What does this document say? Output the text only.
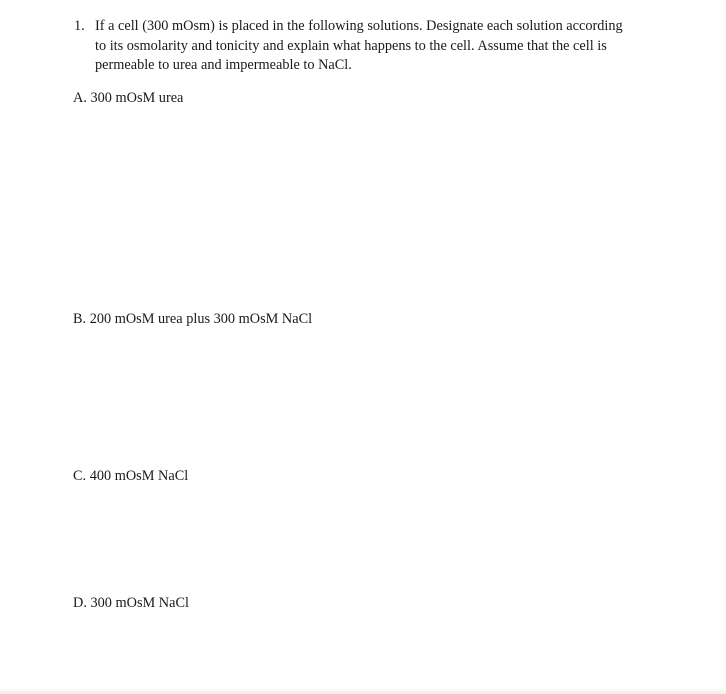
1. If a cell (300 mOsm) is placed in the following solutions. Designate each solution according
to its osmolarity and tonicity and explain what happens to the cell. Assume that the cell is
permeable to urea and impermeable to NaCl.
A. 300 mOsM urea
B. 200 mOsM urea plus 300 mOsM NaCl
C. 400 mOsM NaCl
D. 300 mOsM NaCl
